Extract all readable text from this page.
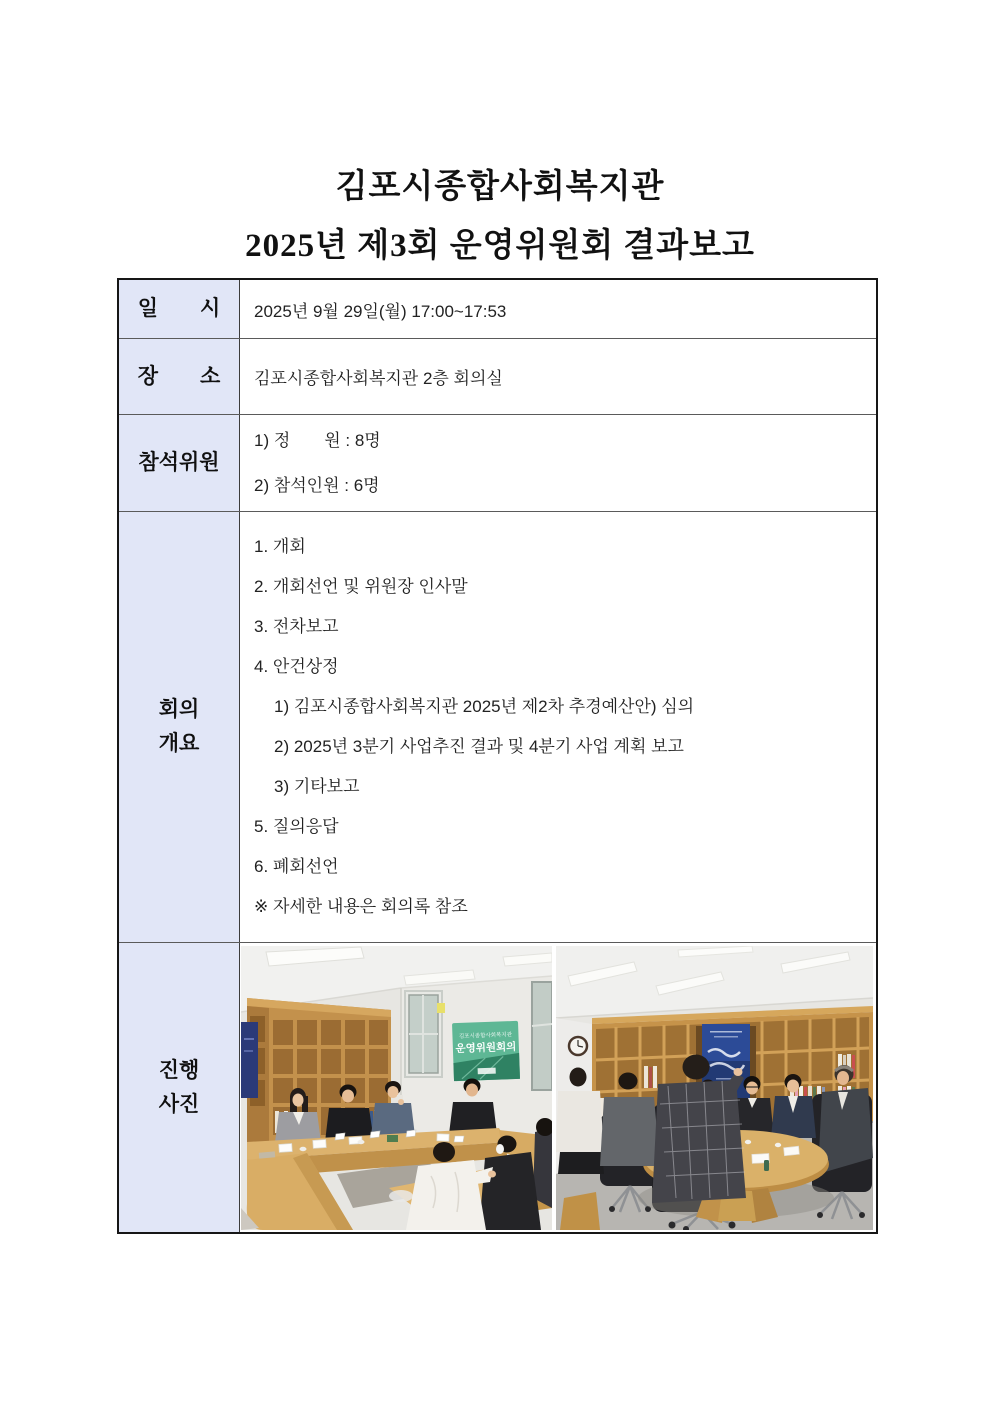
김포시종합사회복지관
2025년 제3회 운영위원회 결과보고
일　　시	2025년 9월 29일(월) 17:00~17:53
장　　소	김포시종합사회복지관 2층 회의실
참석위원
1) 정　　원 : 8명
2) 참석인원 : 6명
회의
개요
1. 개회
2. 개회선언 및 위원장 인사말
3. 전차보고
4. 안건상정
1) 김포시종합사회복지관 2025년 제2차 추경예산안) 심의
2) 2025년 3분기 사업추진 결과 및 4분기 사업 계획 보고
3) 기타보고
5. 질의응답
6. 폐회선언
※ 자세한 내용은 회의록 참조
진행
사진
김포시종합사회복지관
운영위원회의
